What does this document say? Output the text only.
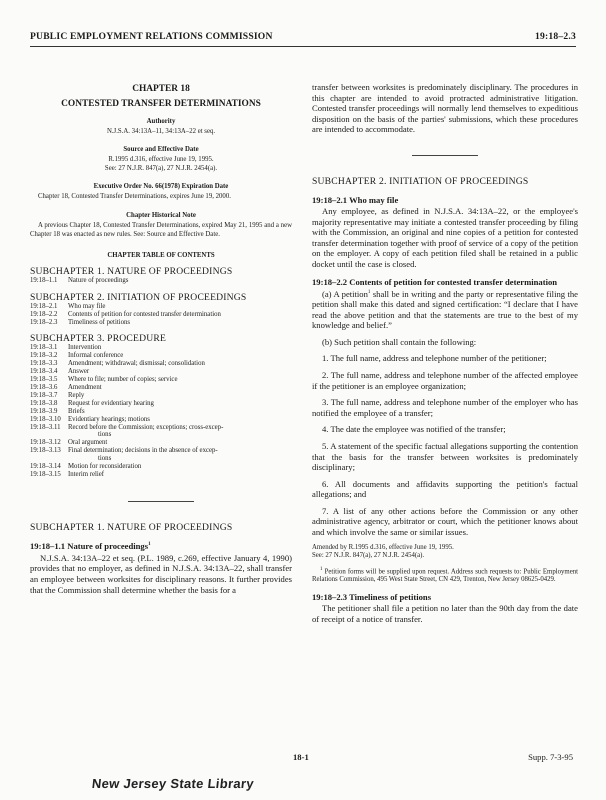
PUBLIC EMPLOYMENT RELATIONS COMMISSION	19:18–2.3

CHAPTER 18

CONTESTED TRANSFER DETERMINATIONS

Authority

N.J.S.A. 34:13A–11, 34:13A–22 et seq.

Source and Effective Date

R.1995 d.316, effective June 19, 1995.

See: 27 N.J.R. 847(a), 27 N.J.R. 2454(a).

Executive Order No. 66(1978) Expiration Date

Chapter 18, Contested Transfer Determinations, expires June 19, 2000.

Chapter Historical Note

A previous Chapter 18, Contested Transfer Determinations, expired May 21, 1995 and a new Chapter 18 was enacted as new rules. See: Source and Effective Date.

CHAPTER TABLE OF CONTENTS

SUBCHAPTER 1. NATURE OF PROCEEDINGS

19:18–1.1 Nature of proceedings

SUBCHAPTER 2. INITIATION OF PROCEEDINGS

19:18–2.1 Who may file
19:18–2.2 Contents of petition for contested transfer determination
19:18–2.3 Timeliness of petitions

SUBCHAPTER 3. PROCEDURE

19:18–3.1 Intervention
19:18–3.2 Informal conference
19:18–3.3 Amendment; withdrawal; dismissal; consolidation
19:18–3.4 Answer
19:18–3.5 Where to file; number of copies; service
19:18–3.6 Amendment
19:18–3.7 Reply
19:18–3.8 Request for evidentiary hearing
19:18–3.9 Briefs
19:18–3.10 Evidentiary hearings; motions
19:18–3.11 Record before the Commission; exceptions; cross-excep-
tions
19:18–3.12 Oral argument
19:18–3.13 Final determination; decisions in the absence of excep-
tions
19:18–3.14 Motion for reconsideration
19:18–3.15 Interim relief

SUBCHAPTER 1. NATURE OF PROCEEDINGS

19:18–1.1 Nature of proceedings$^1$

N.J.S.A. 34:13A–22 et seq. (P.L. 1989, c.269, effective January 4, 1990) provides that no employer, as defined in N.J.S.A. 34:13A–22, shall transfer an employee between worksites for disciplinary reasons. It further provides that the Commission shall determine whether the basis for a

transfer between worksites is predominately disciplinary. The procedures in this chapter are intended to avoid protracted administrative litigation. Contested transfer proceedings will normally lend themselves to expeditious disposition on the basis of the parties' submissions, which these procedures are intended to accommodate.

SUBCHAPTER 2. INITIATION OF PROCEEDINGS

19:18–2.1 Who may file

Any employee, as defined in N.J.S.A. 34:13A–22, or the employee's majority representative may initiate a contested transfer proceeding by filing with the Commission, an original and nine copies of a petition for contested transfer determination together with proof of service of a copy of the petition on the employer. A copy of each petition filed shall be retained in a public docket until the case is closed.

19:18–2.2 Contents of petition for contested transfer determination

(a) A petition$^1$ shall be in writing and the party or representative filing the petition shall make this dated and signed certification: “I declare that I have read the above petition and that the statements are true to the best of my knowledge and belief.”

(b) Such petition shall contain the following:

1. The full name, address and telephone number of the petitioner;

2. The full name, address and telephone number of the affected employee if the petitioner is an employee organization;

3. The full name, address and telephone number of the employer who has notified the employee of a transfer;

4. The date the employee was notified of the transfer;

5. A statement of the specific factual allegations supporting the contention that the basis for the transfer between worksites is predominately disciplinary;

6. All documents and affidavits supporting the petition's factual allegations; and

7. A list of any other actions before the Commission or any other administrative agency, arbitrator or court, which the petitioner knows about and which involve the same or similar issues.

Amended by R.1995 d.316, effective June 19, 1995.

See: 27 N.J.R. 847(a), 27 N.J.R. 2454(a).

$^1$ Petition forms will be supplied upon request. Address such requests to: Public Employment Relations Commission, 495 West State Street, CN 429, Trenton, New Jersey 08625-0429.

19:18–2.3 Timeliness of petitions

The petitioner shall file a petition no later than the 90th day from the date of receipt of a notice of transfer.

18-1	Supp. 7-3-95
New Jersey State Library
